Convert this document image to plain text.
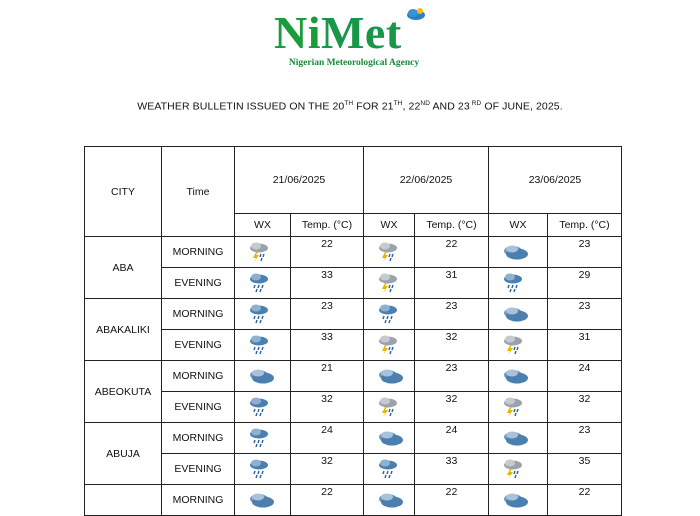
NiMet
Nigerian Meteorological Agency
WEATHER BULLETIN ISSUED ON THE 20TH FOR 21TH, 22ND AND 23 $^{RD}$ OF JUNE, 2025.
CITY	Time	21/06/2025		22/06/2025		23/06/2025	
		WX	Temp. (°C)	WX	Temp. (°C)	WX	Temp. (°C)
ABA	MORNING		22		22		23
	EVENING		33		31		29
ABAKALIKI	MORNING		23		23		23
	EVENING		33		32		31
ABEOKUTA	MORNING		21		23		24
	EVENING		32		32		32
ABUJA	MORNING		24		24		23
	EVENING		32		33		35
	MORNING		22		22		22
